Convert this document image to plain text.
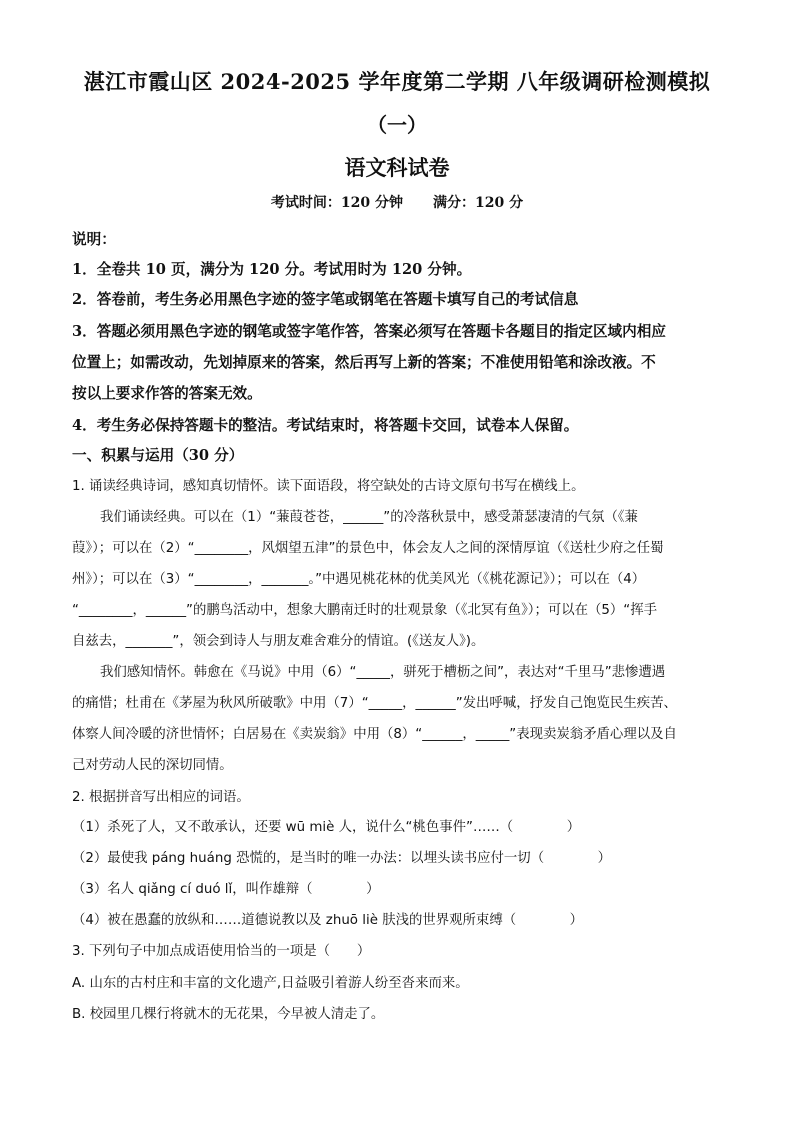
湛江市霞山区 2024-2025 学年度第二学期 八年级调研检测模拟
（一）
语文科试卷
考试时间：120 分钟 满分：120 分
说明：
1．全卷共 10 页，满分为 120 分。考试用时为 120 分钟。
2．答卷前，考生务必用黑色字迹的签字笔或钢笔在答题卡填写自己的考试信息
3．答题必须用黑色字迹的钢笔或签字笔作答，答案必须写在答题卡各题目的指定区域内相应
位置上；如需改动，先划掉原来的答案，然后再写上新的答案；不准使用铅笔和涂改液。不
按以上要求作答的答案无效。
4．考生务必保持答题卡的整洁。考试结束时，将答题卡交回，试卷本人保留。
一、积累与运用（30 分）
1. 诵读经典诗词，感知真切情怀。读下面语段，将空缺处的古诗文原句书写在横线上。
我们诵读经典。可以在（1）“蒹葭苍苍，______”的冷落秋景中，感受萧瑟凄清的气氛（《蒹
葭》）；可以在（2）“________，风烟望五津”的景色中，体会友人之间的深情厚谊（《送杜少府之任蜀
州》）；可以在（3）“________，_______。”中遇见桃花林的优美风光（《桃花源记》）；可以在（4）
“________，______”的鹏鸟活动中，想象大鹏南迁时的壮观景象（《北冥有鱼》）；可以在（5）“挥手
自兹去，_______”，领会到诗人与朋友难舍难分的情谊。(《送友人》)。
我们感知情怀。韩愈在《马说》中用（6）“_____，骈死于槽枥之间”，表达对“千里马”悲惨遭遇
的痛惜；杜甫在《茅屋为秋风所破歌》中用（7）“_____，______”发出呼喊，抒发自己饱览民生疾苦、
体察人间冷暖的济世情怀；白居易在《卖炭翁》中用（8）“______，_____”表现卖炭翁矛盾心理以及自
己对劳动人民的深切同情。
2. 根据拼音写出相应的词语。
（1）杀死了人，又不敢承认，还要 wū miè 人，说什么“桃色事件”……（　　　　）
（2）最使我 páng huáng 恐慌的，是当时的唯一办法：以埋头读书应付一切（　　　　）
（3）名人 qiǎng cí duó lǐ，叫作雄辩（　　　　）
（4）被在愚蠢的放纵和……道德说教以及 zhuō liè 肤浅的世界观所束缚（　　　　）
3. 下列句子中加点成语使用恰当的一项是（　　）
A. 山东的古村庄和丰富的文化遗产,日益吸引着游人纷至沓来而来。
B. 校园里几棵行将就木的无花果，今早被人清走了。
